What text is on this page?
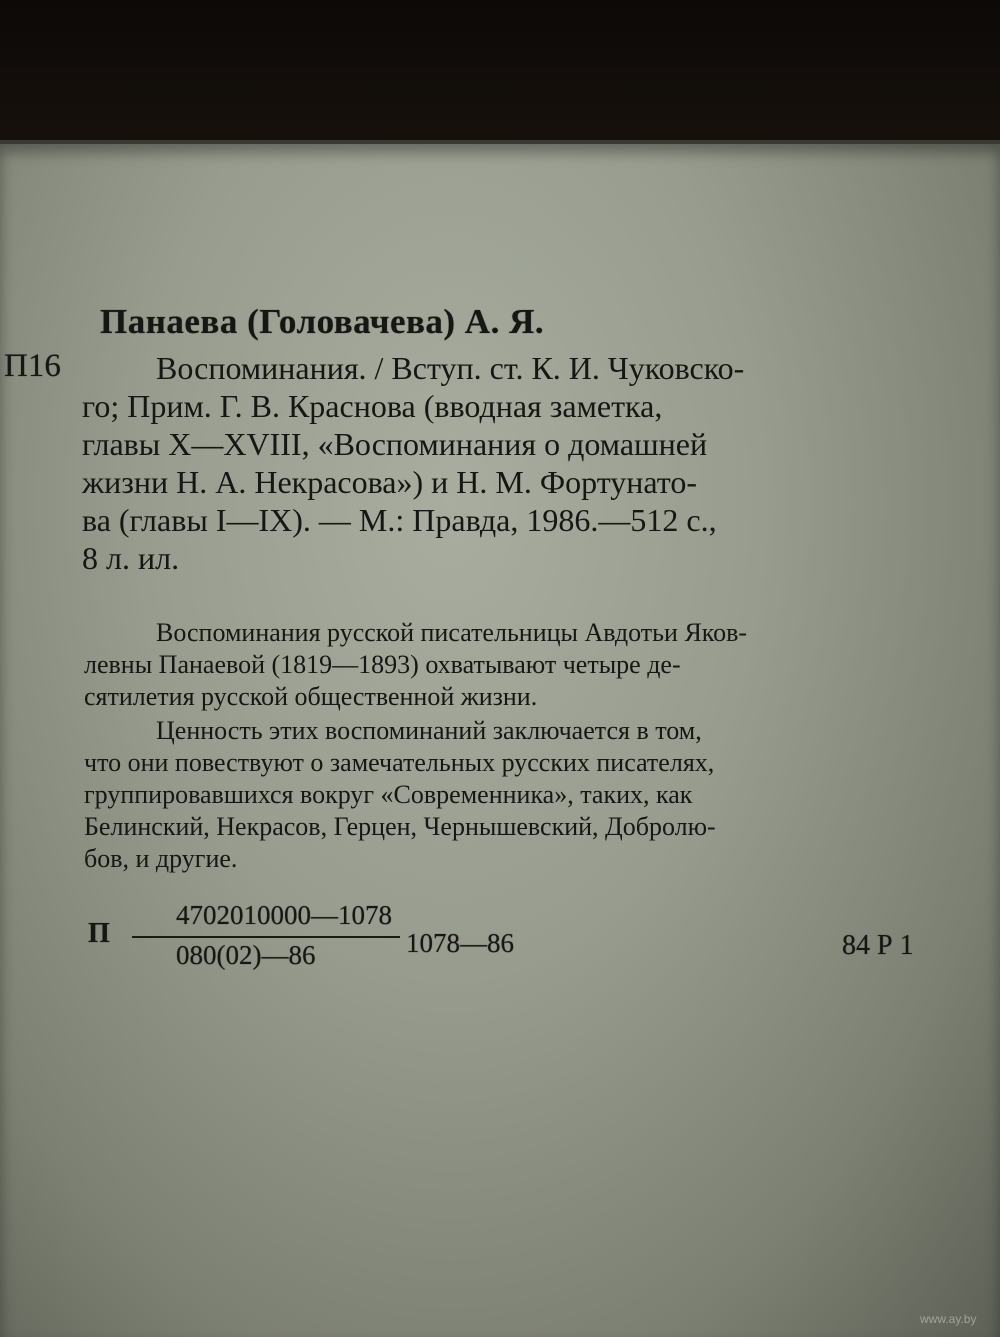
Панаева (Головачева) А. Я.
П16	Воспоминания. / Вступ. ст. К. И. Чуковско-
го; Прим. Г. В. Краснова (вводная заметка,
главы X—XVIII, «Воспоминания о домашней
жизни Н. А. Некрасова») и Н. М. Фортунато-
ва (главы I—IX). — М.: Правда, 1986.—512 с.,
8 л. ил.
Воспоминания русской писательницы Авдотьи Яков-
левны Панаевой (1819—1893) охватывают четыре де-
сятилетия русской общественной жизни.
Ценность этих воспоминаний заключается в том,
что они повествуют о замечательных русских писателях,
группировавшихся вокруг «Современника», таких, как
Белинский, Некрасов, Герцен, Чернышевский, Добролю-
бов, и другие.
П
4702010000—1078
080(02)—86	1078—86	84 Р 1
www.ay.by
